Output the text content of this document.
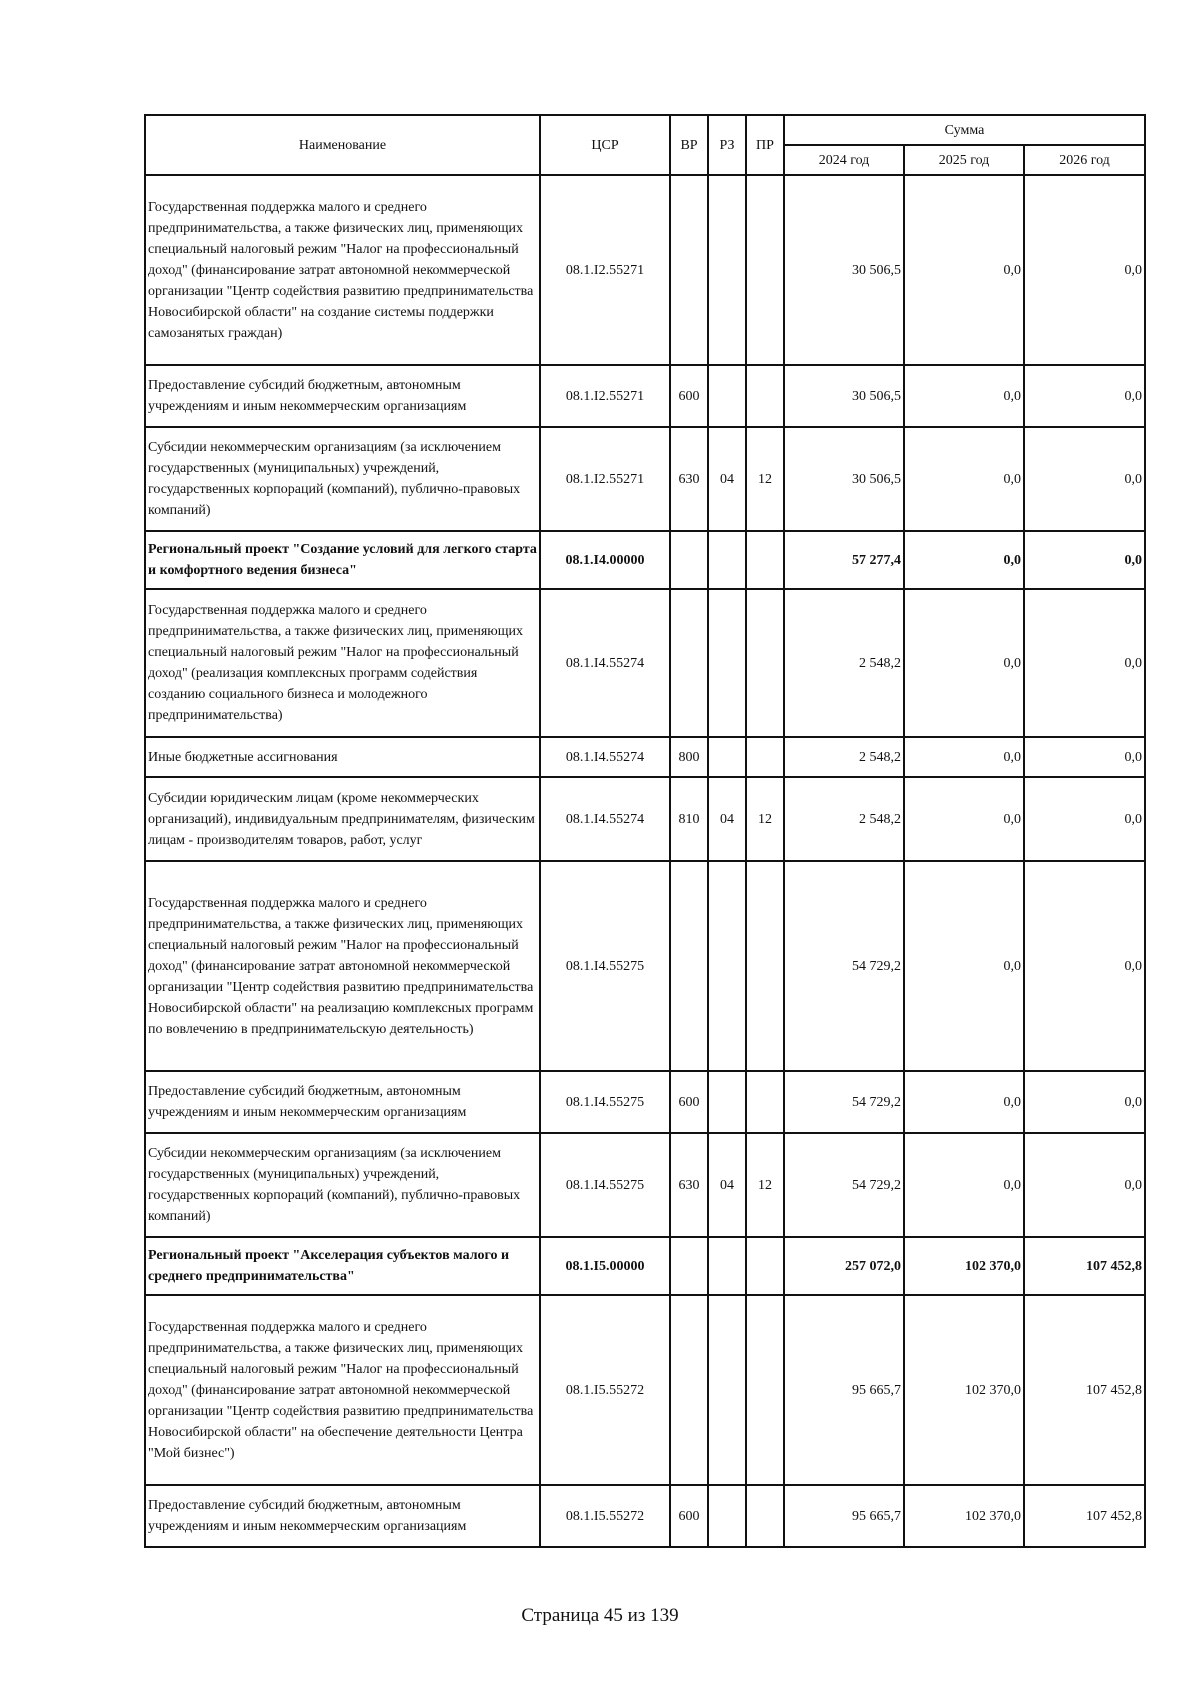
Наименование	ЦСР	ВР	РЗ	ПР	Сумма		
					2024 год	2025 год	2026 год
Государственная поддержка малого и среднего предпринимательства, а также физических лиц, применяющих специальный налоговый режим "Налог на профессиональный доход" (финансирование затрат автономной некоммерческой организации "Центр содействия развитию предпринимательства Новосибирской области" на создание системы поддержки самозанятых граждан)	08.1.I2.55271				30 506,5	0,0	0,0
Предоставление субсидий бюджетным, автономным учреждениям и иным некоммерческим организациям	08.1.I2.55271	600			30 506,5	0,0	0,0
Субсидии некоммерческим организациям (за исключением государственных (муниципальных) учреждений, государственных корпораций (компаний), публично-правовых компаний)	08.1.I2.55271	630	04	12	30 506,5	0,0	0,0
Региональный проект "Создание условий для легкого старта и комфортного ведения бизнеса"	08.1.I4.00000				57 277,4	0,0	0,0
Государственная поддержка малого и среднего предпринимательства, а также физических лиц, применяющих специальный налоговый режим "Налог на профессиональный доход" (реализация комплексных программ содействия созданию социального бизнеса и молодежного предпринимательства)	08.1.I4.55274				2 548,2	0,0	0,0
Иные бюджетные ассигнования	08.1.I4.55274	800			2 548,2	0,0	0,0
Субсидии юридическим лицам (кроме некоммерческих организаций), индивидуальным предпринимателям, физическим лицам - производителям товаров, работ, услуг	08.1.I4.55274	810	04	12	2 548,2	0,0	0,0
Государственная поддержка малого и среднего предпринимательства, а также физических лиц, применяющих специальный налоговый режим "Налог на профессиональный доход" (финансирование затрат автономной некоммерческой организации "Центр содействия развитию предпринимательства Новосибирской области" на реализацию комплексных программ по вовлечению в предпринимательскую деятельность)	08.1.I4.55275				54 729,2	0,0	0,0
Предоставление субсидий бюджетным, автономным учреждениям и иным некоммерческим организациям	08.1.I4.55275	600			54 729,2	0,0	0,0
Субсидии некоммерческим организациям (за исключением государственных (муниципальных) учреждений, государственных корпораций (компаний), публично-правовых компаний)	08.1.I4.55275	630	04	12	54 729,2	0,0	0,0
Региональный проект "Акселерация субъектов малого и среднего предпринимательства"	08.1.I5.00000				257 072,0	102 370,0	107 452,8
Государственная поддержка малого и среднего предпринимательства, а также физических лиц, применяющих специальный налоговый режим "Налог на профессиональный доход" (финансирование затрат автономной некоммерческой организации "Центр содействия развитию предпринимательства Новосибирской области" на обеспечение деятельности Центра "Мой бизнес")	08.1.I5.55272				95 665,7	102 370,0	107 452,8
Предоставление субсидий бюджетным, автономным учреждениям и иным некоммерческим организациям	08.1.I5.55272	600			95 665,7	102 370,0	107 452,8
Страница 45 из 139
